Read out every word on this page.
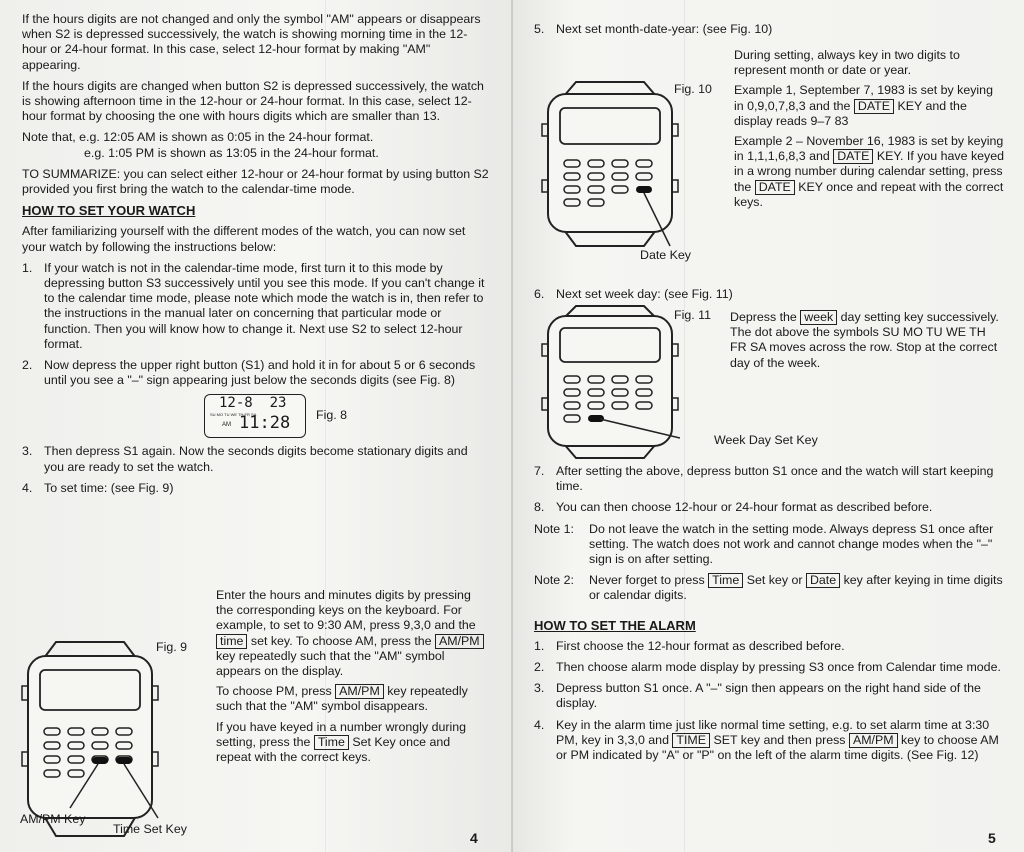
If the hours digits are not changed and only the symbol "AM" appears or disappears when S2 is depressed successively, the watch is showing morning time in the 12-hour or 24-hour format. In this case, select 12-hour format by making "AM" appearing.

If the hours digits are changed when button S2 is depressed successively, the watch is showing afternoon time in the 12-hour or 24-hour format. In this case, select 12-hour format by choosing the one with hours digits which are smaller than 13.

Note that, e.g. 12:05 AM is shown as 0:05 in the 24-hour format.
e.g. 1:05 PM is shown as 13:05 in the 24-hour format.

TO SUMMARIZE: you can select either 12-hour or 24-hour format by using button S2 provided you first bring the watch to the calendar-time mode.

HOW TO SET YOUR WATCH

After familiarizing yourself with the different modes of the watch, you can now set your watch by following the instructions below:

1. If your watch is not in the calendar-time mode, first turn it to this mode by depressing button S3 successively until you see this mode. If you can't change it to the calendar time mode, please note which mode the watch is in, then refer to the instructions in the manual later on concerning that particular mode or function. Then you will know how to change it. Next use S2 to select 12-hour format.
2. Now depress the upper right button (S1) and hold it in for about 5 or 6 seconds until you see a "–" sign appearing just below the seconds digits (see Fig. 8)
12-8  23
SU MO TU WE TH FR SA
AM 11:28 Fig. 8
3. Then depress S1 again. Now the seconds digits become stationary digits and you are ready to set the watch.
4. To set time: (see Fig. 9)

Enter the hours and minutes digits by pressing the corresponding keys on the keyboard. For example, to set to 9:30 AM, press 9,3,0 and the time set key. To choose AM, press the AM/PM key repeatedly such that the "AM" symbol appears on the display.

To choose PM, press AM/PM key repeatedly such that the "AM" symbol disappears.

If you have keyed in a number wrongly during setting, press the Time Set Key once and repeat with the correct keys.

Fig. 9
AM/PM Key
Time Set Key
4
5. Next set month-date-year: (see Fig. 10)
Fig. 10
Date Key

During setting, always key in two digits to represent month or date or year.

Example 1, September 7, 1983 is set by keying in 0,9,0,7,8,3 and the DATE KEY and the display reads 9–7 83

Example 2 – November 16, 1983 is set by keying in 1,1,1,6,8,3 and DATE KEY. If you have keyed in a wrong number during calendar setting, press the DATE KEY once and repeat with the correct keys.

6. Next set week day: (see Fig. 11)
Fig. 11
Week Day Set Key

Depress the week day setting key successively. The dot above the symbols SU MO TU WE TH FR SA moves across the row. Stop at the correct day of the week.

7. After setting the above, depress button S1 once and the watch will start keeping time.
8. You can then choose 12-hour or 24-hour format as described before.
Note 1:	Do not leave the watch in the setting mode. Always depress S1 once after setting. The watch does not work and cannot change modes when the "–" sign is on after setting.
Note 2:	Never forget to press Time Set key or Date key after keying in time digits or calendar digits.
HOW TO SET THE ALARM
1. First choose the 12-hour format as described before.
2. Then choose alarm mode display by pressing S3 once from Calendar time mode.
3. Depress button S1 once. A "–" sign then appears on the right hand side of the display.
4. Key in the alarm time just like normal time setting, e.g. to set alarm time at 3:30 PM, key in 3,3,0 and TIME SET key and then press AM/PM key to choose AM or PM indicated by "A" or "P" on the left of the alarm time digits. (See Fig. 12)
5
